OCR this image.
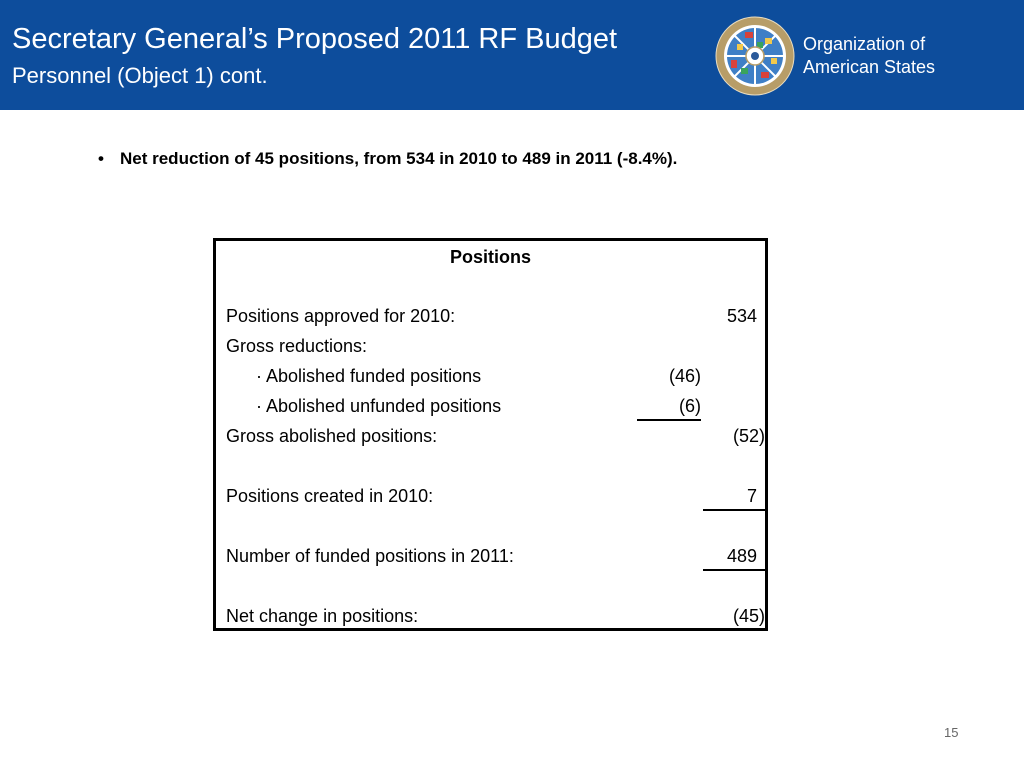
Secretary General’s Proposed 2011 RF Budget
Personnel (Object 1) cont.
Organization of
American States
• Net reduction of 45 positions, from 534 in 2010 to 489 in 2011 (-8.4%).
Positions
Positions approved for 2010:	534
Gross reductions:
· Abolished funded positions	(46)
· Abolished unfunded positions	(6)
Gross abolished positions:	(52)
Positions created in 2010:	7
Number of funded positions in 2011:	489
Net change in positions:	(45)
15
